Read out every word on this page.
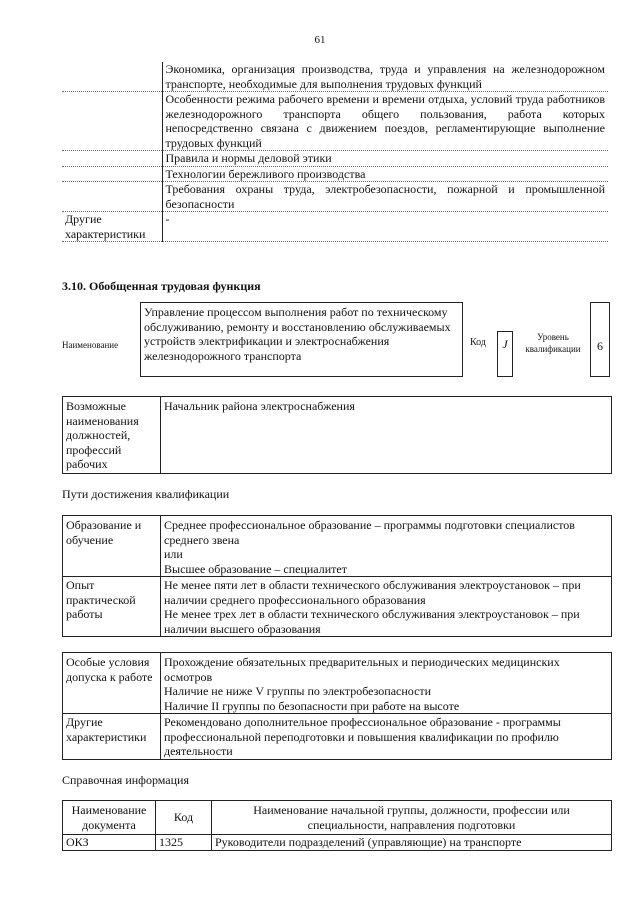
61
	Экономика, организация производства, труда и управления на железнодорожном транспорте, необходимые для выполнения трудовых функций
	Особенности режима рабочего времени и времени отдыха, условий труда работников железнодорожного транспорта общего пользования, работа которых непосредственно связана с движением поездов, регламентирующие выполнение трудовых функций
	Правила и нормы деловой этики
	Технологии бережливого производства
	Требования охраны труда, электробезопасности, пожарной и промышленной безопасности
Другие характеристики	-
3.10. Обобщенная трудовая функция
Наименование
Управление процессом выполнения работ по техническому обслуживанию, ремонту и восстановлению обслуживаемых устройств электрификации и электроснабжения железнодорожного транспорта
Код	J	Уровень квалификации	6
Возможные наименования должностей, профессий рабочих	Начальник района электроснабжения
Пути достижения квалификации
Образование и обучение	Среднее профессиональное образование – программы подготовки специалистов среднего звена
или
Высшее образование – специалитет

Опыт практической работы	Не менее пяти лет в области технического обслуживания электроустановок – при наличии среднего профессионального образования
Не менее трех лет в области технического обслуживания электроустановок – при наличии высшего образования
Особые условия допуска к работе	Прохождение обязательных предварительных и периодических медицинских осмотров
Наличие не ниже V группы по электробезопасности
Наличие II группы по безопасности при работе на высоте

Другие характеристики	Рекомендовано дополнительное профессиональное образование - программы профессиональной переподготовки и повышения квалификации по профилю деятельности
Справочная информация
Наименование документа	Код	Наименование начальной группы, должности, профессии или специальности, направления подготовки
ОКЗ	1325	Руководители подразделений (управляющие) на транспорте
